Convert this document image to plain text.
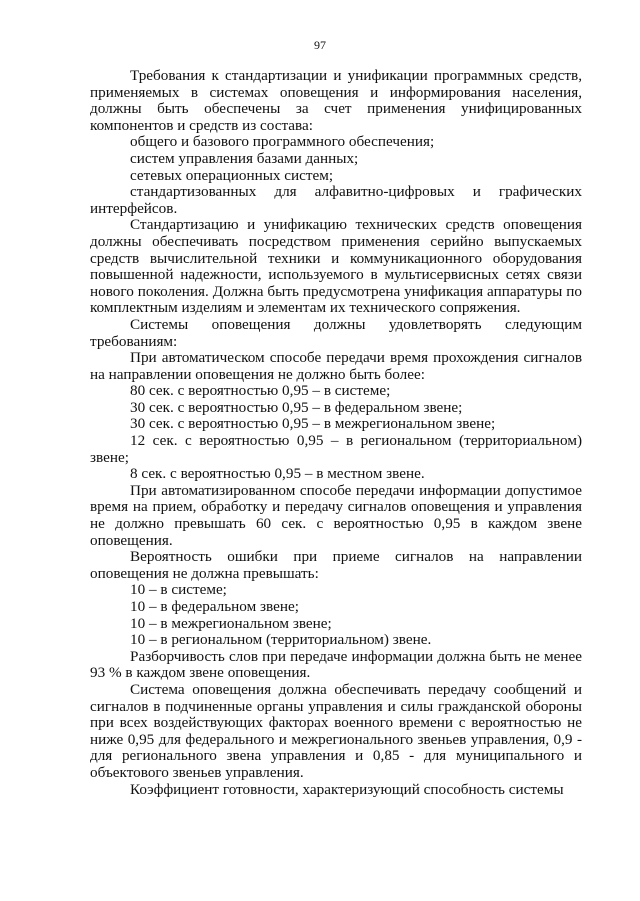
97

Требования к стандартизации и унификации программных средств, применяемых в системах оповещения и информирования населения, должны быть обеспечены за счет применения унифицированных компонентов и средств из состава:

общего и базового программного обеспечения;

систем управления базами данных;

сетевых операционных систем;

стандартизованных для алфавитно-цифровых и графических интерфейсов.

Стандартизацию и унификацию технических средств оповещения должны обеспечивать посредством применения серийно выпускаемых средств вычислительной техники и коммуникационного оборудования повышенной надежности, используемого в мультисервисных сетях связи нового поколения. Должна быть предусмотрена унификация аппаратуры по комплектным изделиям и элементам их технического сопряжения.

Системы оповещения должны удовлетворять следующим требованиям:

При автоматическом способе передачи время прохождения сигналов на направлении оповещения не должно быть более:

80 сек. с вероятностью 0,95 – в системе;

30 сек. с вероятностью 0,95 – в федеральном звене;

30 сек. с вероятностью 0,95 – в межрегиональном звене;

12 сек. с вероятностью 0,95 – в региональном (территориальном) звене;

8 сек. с вероятностью 0,95 – в местном звене.

При автоматизированном способе передачи информации допустимое время на прием, обработку и передачу сигналов оповещения и управления не должно превышать 60 сек. с вероятностью 0,95 в каждом звене оповещения.

Вероятность ошибки при приеме сигналов на направлении оповещения не должна превышать:

10 – в системе;

10 – в федеральном звене;

10 – в межрегиональном звене;

10 – в региональном (территориальном) звене.

Разборчивость слов при передаче информации должна быть не менее 93 % в каждом звене оповещения.

Система оповещения должна обеспечивать передачу сообщений и сигналов в подчиненные органы управления и силы гражданской обороны при всех воздействующих факторах военного времени с вероятностью не ниже 0,95 для федерального и межрегионального звеньев управления, 0,9 - для регионального звена управления и 0,85 - для муниципального и объектового звеньев управления.

Коэффициент готовности, характеризующий способность системы
